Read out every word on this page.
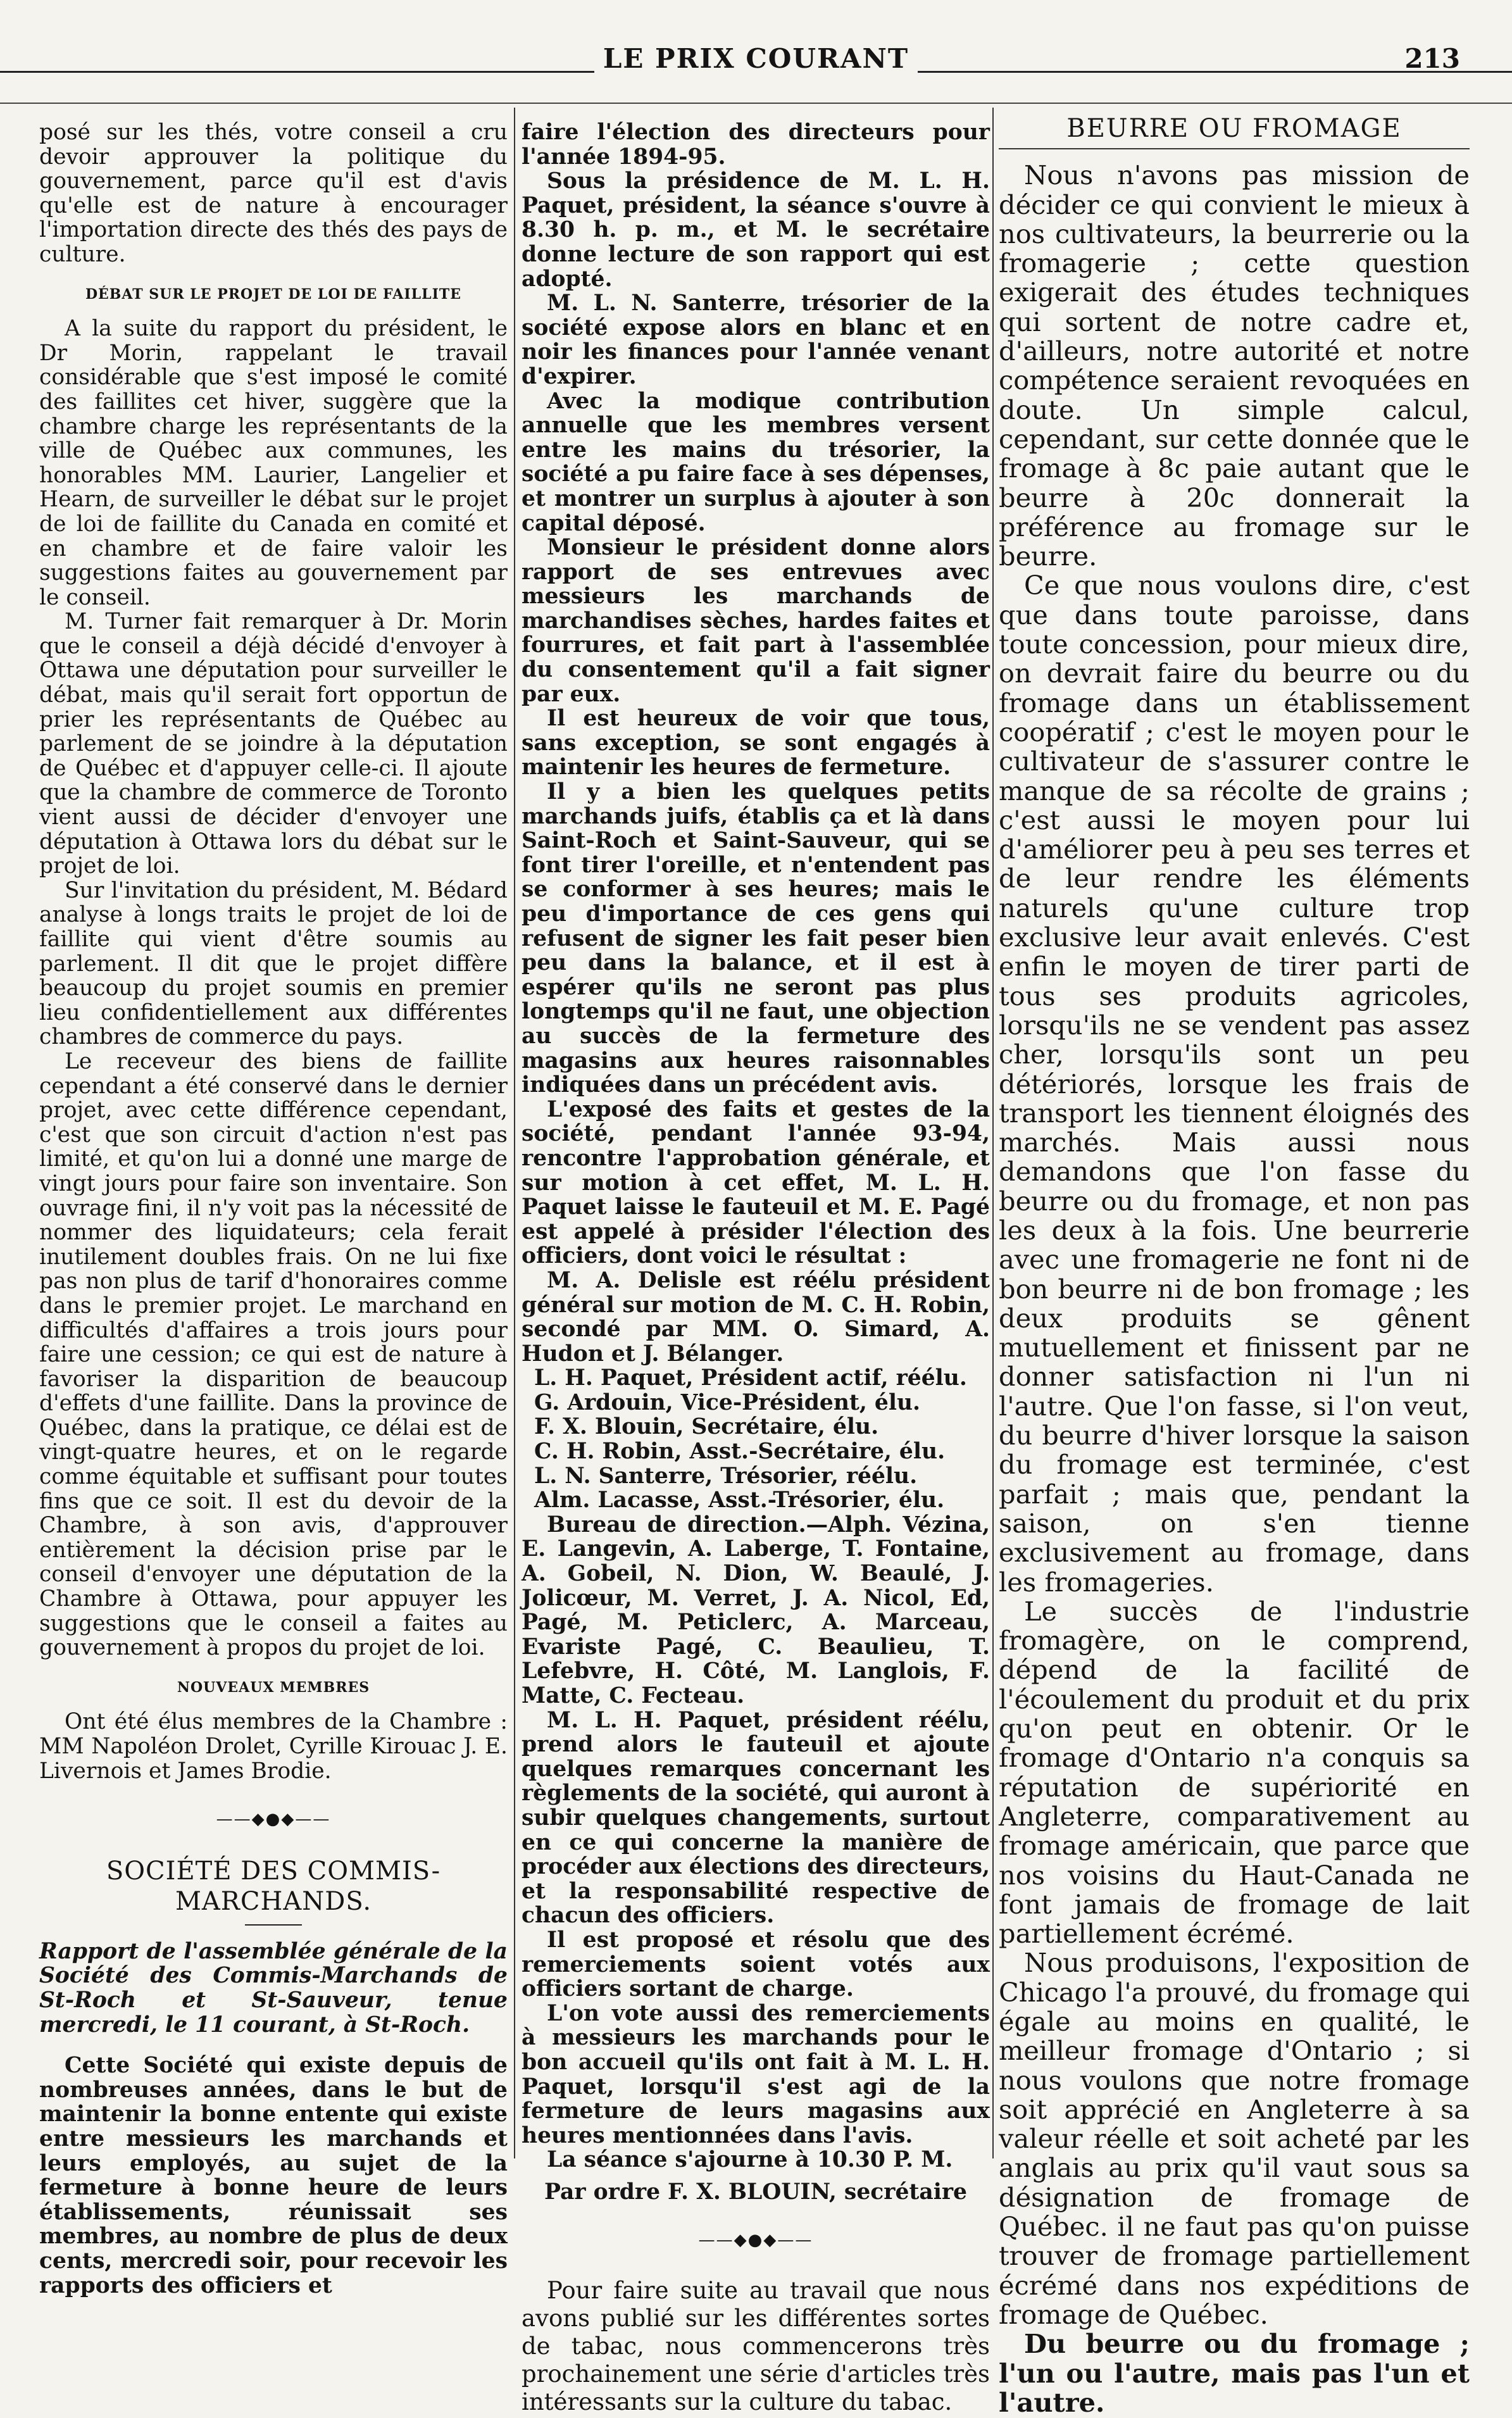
LE PRIX COURANT	213

posé sur les thés, votre conseil a cru devoir approuver la politique du gouvernement, parce qu'il est d'avis qu'elle est de nature à encourager l'importation directe des thés des pays de culture.

DÉBAT SUR LE PROJET DE LOI DE FAILLITE

A la suite du rapport du président, le Dr Morin, rappelant le travail considérable que s'est imposé le comité des faillites cet hiver, suggère que la chambre charge les représentants de la ville de Québec aux communes, les honorables MM. Laurier, Langelier et Hearn, de surveiller le débat sur le projet de loi de faillite du Canada en comité et en chambre et de faire valoir les suggestions faites au gouvernement par le conseil.

M. Turner fait remarquer à Dr. Morin que le conseil a déjà décidé d'envoyer à Ottawa une députation pour surveiller le débat, mais qu'il serait fort opportun de prier les représentants de Québec au parlement de se joindre à la députation de Québec et d'appuyer celle-ci. Il ajoute que la chambre de commerce de Toronto vient aussi de décider d'envoyer une députation à Ottawa lors du débat sur le projet de loi.

Sur l'invitation du président, M. Bédard analyse à longs traits le projet de loi de faillite qui vient d'être soumis au parlement. Il dit que le projet diffère beaucoup du projet soumis en premier lieu confidentiellement aux différentes chambres de commerce du pays.

Le receveur des biens de faillite cependant a été conservé dans le dernier projet, avec cette différence cependant, c'est que son circuit d'action n'est pas limité, et qu'on lui a donné une marge de vingt jours pour faire son inventaire. Son ouvrage fini, il n'y voit pas la nécessité de nommer des liquidateurs; cela ferait inutilement doubles frais. On ne lui fixe pas non plus de tarif d'honoraires comme dans le premier projet. Le marchand en difficultés d'affaires a trois jours pour faire une cession; ce qui est de nature à favoriser la disparition de beaucoup d'effets d'une faillite. Dans la province de Québec, dans la pratique, ce délai est de vingt-quatre heures, et on le regarde comme équitable et suffisant pour toutes fins que ce soit. Il est du devoir de la Chambre, à son avis, d'approuver entièrement la décision prise par le conseil d'envoyer une députation de la Chambre à Ottawa, pour appuyer les suggestions que le conseil a faites au gouvernement à propos du projet de loi.

NOUVEAUX MEMBRES

Ont été élus membres de la Chambre : MM Napoléon Drolet, Cyrille Kirouac J. E. Livernois et James Brodie.

——◆●◆——
SOCIÉTÉ DES COMMIS-MARCHANDS.

Rapport de l'assemblée générale de la Société des Commis-Marchands de St-Roch et St-Sauveur, tenue mercredi, le 11 courant, à St-Roch.

Cette Société qui existe depuis de nombreuses années, dans le but de maintenir la bonne entente qui existe entre messieurs les marchands et leurs employés, au sujet de la fermeture à bonne heure de leurs établissements, réunissait ses membres, au nombre de plus de deux cents, mercredi soir, pour recevoir les rapports des officiers et

faire l'élection des directeurs pour l'année 1894-95.

Sous la présidence de M. L. H. Paquet, président, la séance s'ouvre à 8.30 h. p. m., et M. le secrétaire donne lecture de son rapport qui est adopté.

M. L. N. Santerre, trésorier de la société expose alors en blanc et en noir les finances pour l'année venant d'expirer.

Avec la modique contribution annuelle que les membres versent entre les mains du trésorier, la société a pu faire face à ses dépenses, et montrer un surplus à ajouter à son capital déposé.

Monsieur le président donne alors rapport de ses entrevues avec messieurs les marchands de marchandises sèches, hardes faites et fourrures, et fait part à l'assemblée du consentement qu'il a fait signer par eux.

Il est heureux de voir que tous, sans exception, se sont engagés à maintenir les heures de fermeture.

Il y a bien les quelques petits marchands juifs, établis ça et là dans Saint-Roch et Saint-Sauveur, qui se font tirer l'oreille, et n'entendent pas se conformer à ses heures; mais le peu d'importance de ces gens qui refusent de signer les fait peser bien peu dans la balance, et il est à espérer qu'ils ne seront pas plus longtemps qu'il ne faut, une objection au succès de la fermeture des magasins aux heures raisonnables indiquées dans un précédent avis.

L'exposé des faits et gestes de la société, pendant l'année 93-94, rencontre l'approbation générale, et sur motion à cet effet, M. L. H. Paquet laisse le fauteuil et M. E. Pagé est appelé à présider l'élection des officiers, dont voici le résultat :

M. A. Delisle est réélu président général sur motion de M. C. H. Robin, secondé par MM. O. Simard, A. Hudon et J. Bélanger.

L. H. Paquet, Président actif, réélu.

G. Ardouin, Vice-Président, élu.

F. X. Blouin, Secrétaire, élu.

C. H. Robin, Asst.-Secrétaire, élu.

L. N. Santerre, Trésorier, réélu.

Alm. Lacasse, Asst.-Trésorier, élu.

Bureau de direction.—Alph. Vézina, E. Langevin, A. Laberge, T. Fontaine, A. Gobeil, N. Dion, W. Beaulé, J. Jolicœur, M. Verret, J. A. Nicol, Ed, Pagé, M. Peticlerc, A. Marceau, Evariste Pagé, C. Beaulieu, T. Lefebvre, H. Côté, M. Langlois, F. Matte, C. Fecteau.

M. L. H. Paquet, président réélu, prend alors le fauteuil et ajoute quelques remarques concernant les règlements de la société, qui auront à subir quelques changements, surtout en ce qui concerne la manière de procéder aux élections des directeurs, et la responsabilité respective de chacun des officiers.

Il est proposé et résolu que des remerciements soient votés aux officiers sortant de charge.

L'on vote aussi des remerciements à messieurs les marchands pour le bon accueil qu'ils ont fait à M. L. H. Paquet, lorsqu'il s'est agi de la fermeture de leurs magasins aux heures mentionnées dans l'avis.

La séance s'ajourne à 10.30 P. M.

Par ordre F. X. BLOUIN, secrétaire
——◆●◆——

Pour faire suite au travail que nous avons publié sur les différentes sortes de tabac, nous commencerons très prochainement une série d'articles très intéressants sur la culture du tabac.

BEURRE OU FROMAGE

Nous n'avons pas mission de décider ce qui convient le mieux à nos cultivateurs, la beurrerie ou la fromagerie ; cette question exigerait des études techniques qui sortent de notre cadre et, d'ailleurs, notre autorité et notre compétence seraient revoquées en doute. Un simple calcul, cependant, sur cette donnée que le fromage à 8c paie autant que le beurre à 20c donnerait la préférence au fromage sur le beurre.

Ce que nous voulons dire, c'est que dans toute paroisse, dans toute concession, pour mieux dire, on devrait faire du beurre ou du fromage dans un établissement coopératif ; c'est le moyen pour le cultivateur de s'assurer contre le manque de sa récolte de grains ; c'est aussi le moyen pour lui d'améliorer peu à peu ses terres et de leur rendre les éléments naturels qu'une culture trop exclusive leur avait enlevés. C'est enfin le moyen de tirer parti de tous ses produits agricoles, lorsqu'ils ne se vendent pas assez cher, lorsqu'ils sont un peu détériorés, lorsque les frais de transport les tiennent éloignés des marchés. Mais aussi nous demandons que l'on fasse du beurre ou du fromage, et non pas les deux à la fois. Une beurrerie avec une fromagerie ne font ni de bon beurre ni de bon fromage ; les deux produits se gênent mutuellement et finissent par ne donner satisfaction ni l'un ni l'autre. Que l'on fasse, si l'on veut, du beurre d'hiver lorsque la saison du fromage est terminée, c'est parfait ; mais que, pendant la saison, on s'en tienne exclusivement au fromage, dans les fromageries.

Le succès de l'industrie fromagère, on le comprend, dépend de la facilité de l'écoulement du produit et du prix qu'on peut en obtenir. Or le fromage d'Ontario n'a conquis sa réputation de supériorité en Angleterre, comparativement au fromage américain, que parce que nos voisins du Haut-Canada ne font jamais de fromage de lait partiellement écrémé.

Nous produisons, l'exposition de Chicago l'a prouvé, du fromage qui égale au moins en qualité, le meilleur fromage d'Ontario ; si nous voulons que notre fromage soit apprécié en Angleterre à sa valeur réelle et soit acheté par les anglais au prix qu'il vaut sous sa désignation de fromage de Québec. il ne faut pas qu'on puisse trouver de fromage partiellement écrémé dans nos expéditions de fromage de Québec.

Du beurre ou du fromage ; l'un ou l'autre, mais pas l'un et l'autre.
